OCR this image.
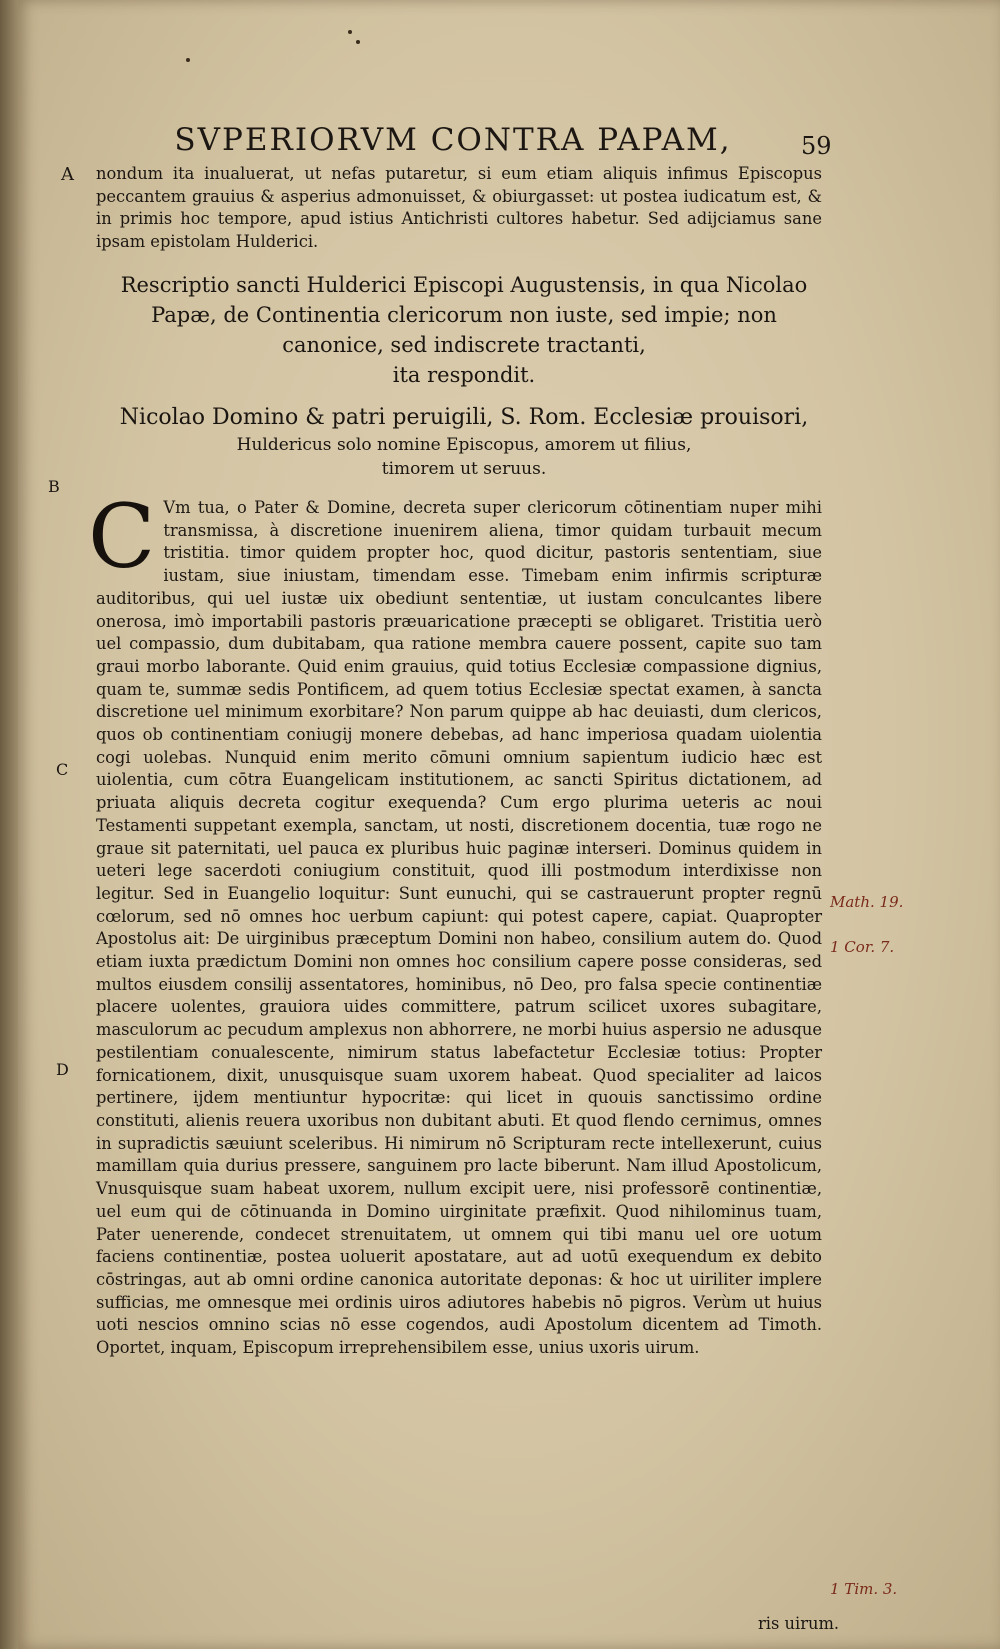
SVPERIORVM CONTRA PAPAM,	59
A nondum ita inualuerat, ut nefas putaretur, si eum etiam aliquis infimus Episcopus peccantem grauius & asperius admonuisset, & obiurgasset: ut postea iudicatum est, & in primis hoc tempore, apud istius Antichristi cultores habetur. Sed adijciamus sane ipsam epistolam Hulderici.

Rescriptio sancti Hulderici Episcopi Augustensis, in qua Nicolao
Papæ, de Continentia clericorum non iuste, sed impie; non
canonice, sed indiscrete tractanti,
ita respondit.
Nicolao Domino & patri peruigili, S. Rom. Ecclesiæ prouisori,
Huldericus solo nomine Episcopus, amorem ut filius,
timorem ut seruus.
B
C
D
C Vm tua, o Pater & Domine, decreta super clericorum cōtinentiam nuper mihi transmissa, à discretione inuenirem aliena, timor quidam turbauit mecum tristitia. timor quidem propter hoc, quod dicitur, pastoris sententiam, siue iustam, siue iniustam, timendam esse. Timebam enim infirmis scripturæ auditoribus, qui uel iustæ uix obediunt sententiæ, ut iustam conculcantes libere onerosa, imò importabili pastoris præuaricatione præcepti se obligaret. Tristitia uerò uel compassio, dum dubitabam, qua ratione membra cauere possent, capite suo tam graui morbo laborante. Quid enim grauius, quid totius Ecclesiæ compassione dignius, quam te, summæ sedis Pontificem, ad quem totius Ecclesiæ spectat examen, à sancta discretione uel minimum exorbitare? Non parum quippe ab hac deuiasti, dum clericos, quos ob continentiam coniugij monere debebas, ad hanc imperiosa quadam uiolentia cogi uolebas. Nunquid enim merito cōmuni omnium sapientum iudicio hæc est uiolentia, cum cōtra Euangelicam institutionem, ac sancti Spiritus dictationem, ad priuata aliquis decreta cogitur exequenda? Cum ergo plurima ueteris ac noui Testamenti suppetant exempla, sanctam, ut nosti, discretionem docentia, tuæ rogo ne graue sit paternitati, uel pauca ex pluribus huic paginæ interseri. Dominus quidem in ueteri lege sacerdoti coniugium constituit, quod illi postmodum interdixisse non legitur. Sed in Euangelio loquitur: Sunt eunuchi, qui se castrauerunt propter regnū cœlorum, sed nō omnes hoc uerbum capiunt: qui potest capere, capiat. Quapropter Apostolus ait: De uirginibus præceptum Domini non habeo, consilium autem do. Quod etiam iuxta prædictum Domini non omnes hoc consilium capere posse consideras, sed multos eiusdem consilij assentatores, hominibus, nō Deo, pro falsa specie continentiæ placere uolentes, grauiora uides committere, patrum scilicet uxores subagitare, masculorum ac pecudum amplexus non abhorrere, ne morbi huius aspersio ne adusque pestilentiam conualescente, nimirum status labefactetur Ecclesiæ totius: Propter fornicationem, dixit, unusquisque suam uxorem habeat. Quod specialiter ad laicos pertinere, ijdem mentiuntur hypocritæ: qui licet in quouis sanctissimo ordine constituti, alienis reuera uxoribus non dubitant abuti. Et quod flendo cernimus, omnes in supradictis sæuiunt sceleribus. Hi nimirum nō Scripturam recte intellexerunt, cuius mamillam quia durius pressere, sanguinem pro lacte biberunt. Nam illud Apostolicum, Vnusquisque suam habeat uxorem, nullum excipit uere, nisi professorē continentiæ, uel eum qui de cōtinuanda in Domino uirginitate præfixit. Quod nihilominus tuam, Pater uenerende, condecet strenuitatem, ut omnem qui tibi manu uel ore uotum faciens continentiæ, postea uoluerit apostatare, aut ad uotū exequendum ex debito cōstringas, aut ab omni ordine canonica autoritate deponas: & hoc ut uiriliter implere sufficias, me omnesque mei ordinis uiros adiutores habebis nō pigros. Verùm ut huius uoti nescios omnino scias nō esse cogendos, audi Apostolum dicentem ad Timoth. Oportet, inquam, Episcopum irreprehensibilem esse, unius uxoris uirum.

ris uirum.
Math. 19.
1 Cor. 7.
1 Tim. 3.
